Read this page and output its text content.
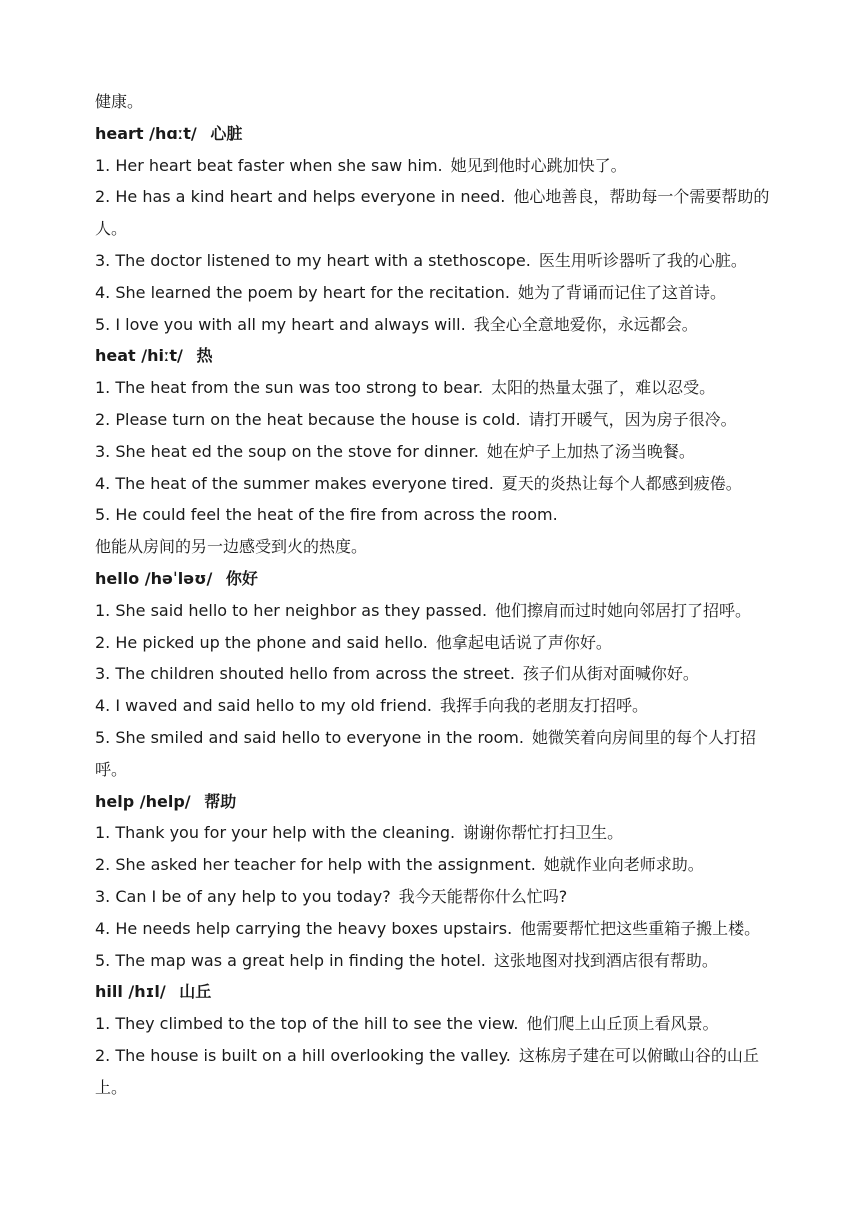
健康。
heart /hɑːt/ 心脏
1. Her heart beat faster when she saw him. 她见到他时心跳加快了。
2. He has a kind heart and helps everyone in need. 他心地善良，帮助每一个需要帮助的人。
3. The doctor listened to my heart with a stethoscope. 医生用听诊器听了我的心脏。
4. She learned the poem by heart for the recitation. 她为了背诵而记住了这首诗。
5. I love you with all my heart and always will. 我全心全意地爱你，永远都会。
heat /hiːt/ 热
1. The heat from the sun was too strong to bear. 太阳的热量太强了，难以忍受。
2. Please turn on the heat because the house is cold. 请打开暖气，因为房子很冷。
3. She heat ed the soup on the stove for dinner. 她在炉子上加热了汤当晚餐。
4. The heat of the summer makes everyone tired. 夏天的炎热让每个人都感到疲倦。
5. He could feel the heat of the fire from across the room.
他能从房间的另一边感受到火的热度。
hello /həˈləʊ/ 你好
1. She said hello to her neighbor as they passed. 他们擦肩而过时她向邻居打了招呼。
2. He picked up the phone and said hello. 他拿起电话说了声你好。
3. The children shouted hello from across the street. 孩子们从街对面喊你好。
4. I waved and said hello to my old friend. 我挥手向我的老朋友打招呼。
5. She smiled and said hello to everyone in the room. 她微笑着向房间里的每个人打招呼。
help /help/ 帮助
1. Thank you for your help with the cleaning. 谢谢你帮忙打扫卫生。
2. She asked her teacher for help with the assignment. 她就作业向老师求助。
3. Can I be of any help to you today? 我今天能帮你什么忙吗?
4. He needs help carrying the heavy boxes upstairs. 他需要帮忙把这些重箱子搬上楼。
5. The map was a great help in finding the hotel. 这张地图对找到酒店很有帮助。
hill /hɪl/ 山丘
1. They climbed to the top of the hill to see the view. 他们爬上山丘顶上看风景。
2. The house is built on a hill overlooking the valley. 这栋房子建在可以俯瞰山谷的山丘上。
